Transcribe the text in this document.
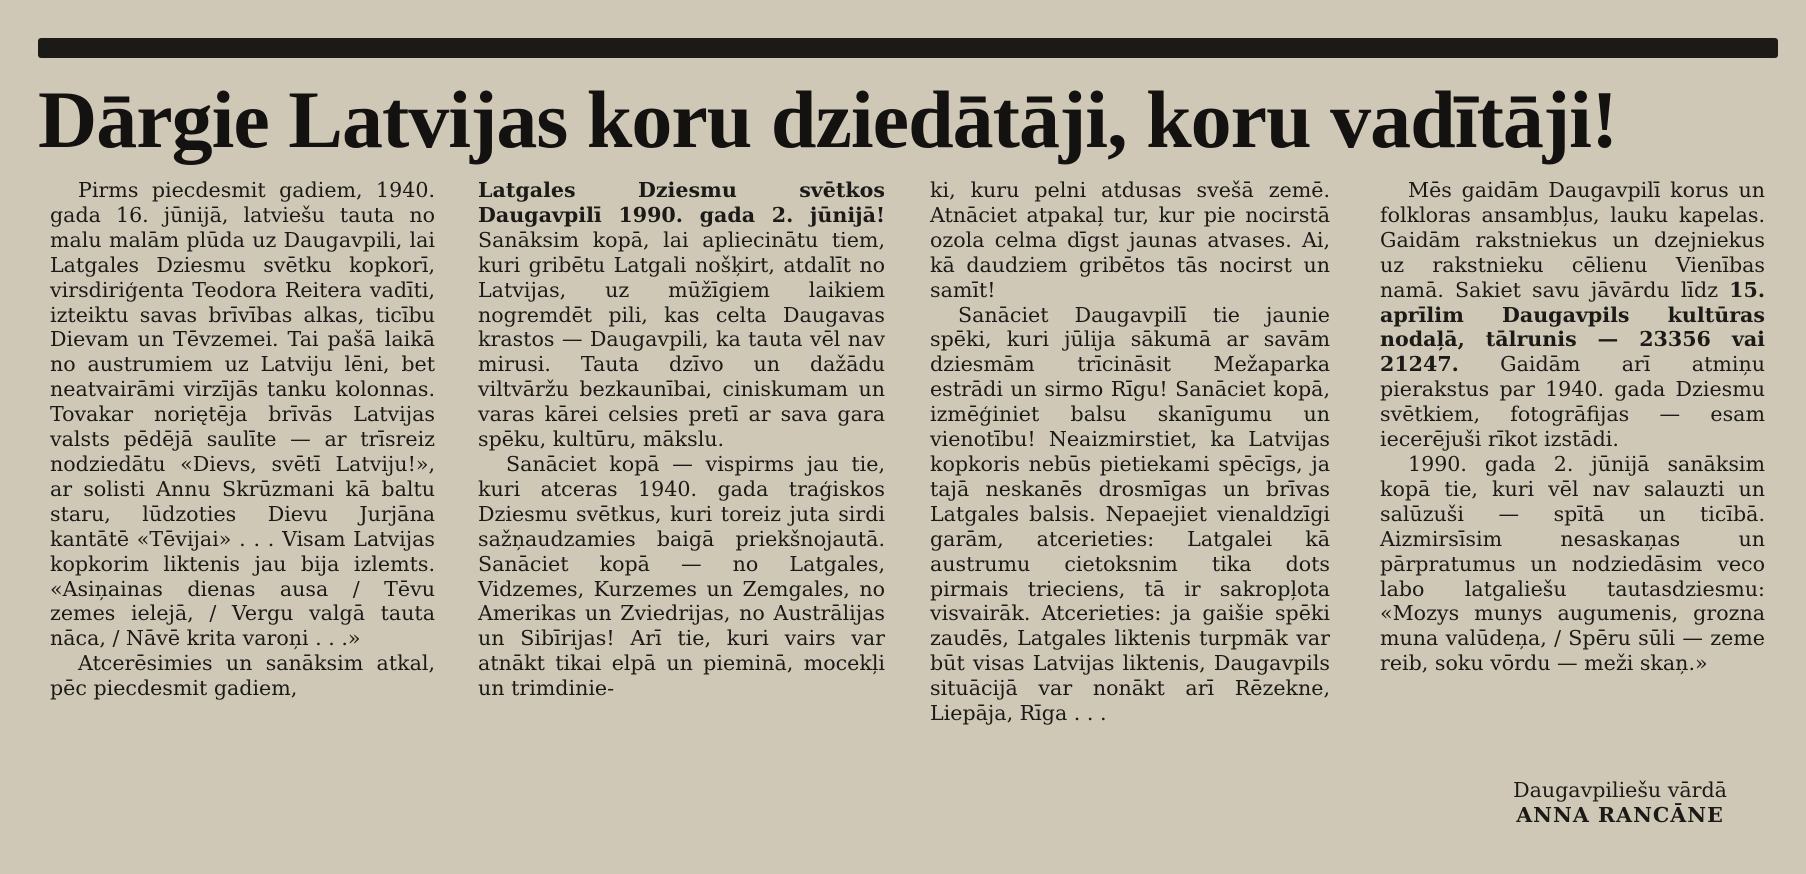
Dārgie Latvijas koru dziedātāji, koru vadītāji!

Pirms piecdesmit gadiem, 1940. gada 16. jūnijā, latviešu tauta no malu malām plūda uz Daugavpili, lai Latgales Dziesmu svētku kopkorī, virsdiriģenta Teodora Reitera vadīti, izteiktu savas brīvības alkas, ticību Dievam un Tēvzemei. Tai pašā laikā no austrumiem uz Latviju lēni, bet neatvairāmi virzījās tanku kolonnas. Tovakar noriętēja brīvās Latvijas valsts pēdējā saulīte — ar trīsreiz nodziedātu «Dievs, svētī Latviju!», ar solisti Annu Skrūzmani kā baltu staru, lūdzoties Dievu Jurjāna kantātē «Tēvijai» . . . Visam Latvijas kopkorim liktenis jau bija izlemts. «Asiņainas dienas ausa / Tēvu zemes ielejā, / Vergu valgā tauta nāca, / Nāvē krita varoņi . . .»

Atcerēsimies un sanāksim atkal, pēc piecdesmit gadiem,

Latgales Dziesmu svētkos Daugavpilī 1990. gada 2. jūnijā! Sanāksim kopā, lai apliecinātu tiem, kuri gribētu Latgali nošķirt, atdalīt no Latvijas, uz mūžīgiem laikiem nogremdēt pili, kas celta Daugavas krastos — Daugavpili, ka tauta vēl nav mirusi. Tauta dzīvo un dažādu viltvāržu bezkaunībai, ciniskumam un varas kārei celsies pretī ar sava gara spēku, kultūru, mākslu.

Sanāciet kopā — vispirms jau tie, kuri atceras 1940. gada traģiskos Dziesmu svētkus, kuri toreiz juta sirdi sažņaudzamies baigā priekšnojautā. Sanāciet kopā — no Latgales, Vidzemes, Kurzemes un Zemgales, no Amerikas un Zviedrijas, no Austrālijas un Sibīrijas! Arī tie, kuri vairs var atnākt tikai elpā un pieminā, mocekļi un trimdinie-

ki, kuru pelni atdusas svešā zemē. Atnāciet atpakaļ tur, kur pie nocirstā ozola celma dīgst jaunas atvases. Ai, kā daudziem gribētos tās nocirst un samīt!

Sanāciet Daugavpilī tie jaunie spēki, kuri jūlija sākumā ar savām dziesmām trīcināsit Mežaparka estrādi un sirmo Rīgu! Sanāciet kopā, izmēģiniet balsu skanīgumu un vienotību! Neaizmirstiet, ka Latvijas kopkoris nebūs pietiekami spēcīgs, ja tajā neskanēs drosmīgas un brīvas Latgales balsis. Nepaejiet vienaldzīgi garām, atcerieties: Latgalei kā austrumu cietoksnim tika dots pirmais trieciens, tā ir sakropļota visvairāk. Atcerieties: ja gaišie spēki zaudēs, Latgales liktenis turpmāk var būt visas Latvijas liktenis, Daugavpils situācijā var nonākt arī Rēzekne, Liepāja, Rīga . . .

Mēs gaidām Daugavpilī korus un folkloras ansambļus, lauku kapelas. Gaidām rakstniekus un dzejniekus uz rakstnieku cēlienu Vienības namā. Sakiet savu jāvārdu līdz 15. aprīlim Daugavpils kultūras nodaļā, tālrunis — 23356 vai 21247. Gaidām arī atmiņu pierakstus par 1940. gada Dziesmu svētkiem, fotogrāfijas — esam iecerējuši rīkot izstādi.

1990. gada 2. jūnijā sanāksim kopā tie, kuri vēl nav salauzti un salūzuši — spītā un ticībā. Aizmirsīsim nesaskaņas un pārpratumus un nodziedāsim veco labo latgaliešu tautasdziesmu: «Mozys munys augumenis, grozna muna valūdeņa, / Spēru sūli — zeme reib, soku vōrdu — meži skaņ.»

Daugavpiliešu vārdā
ANNA RANCĀNE
